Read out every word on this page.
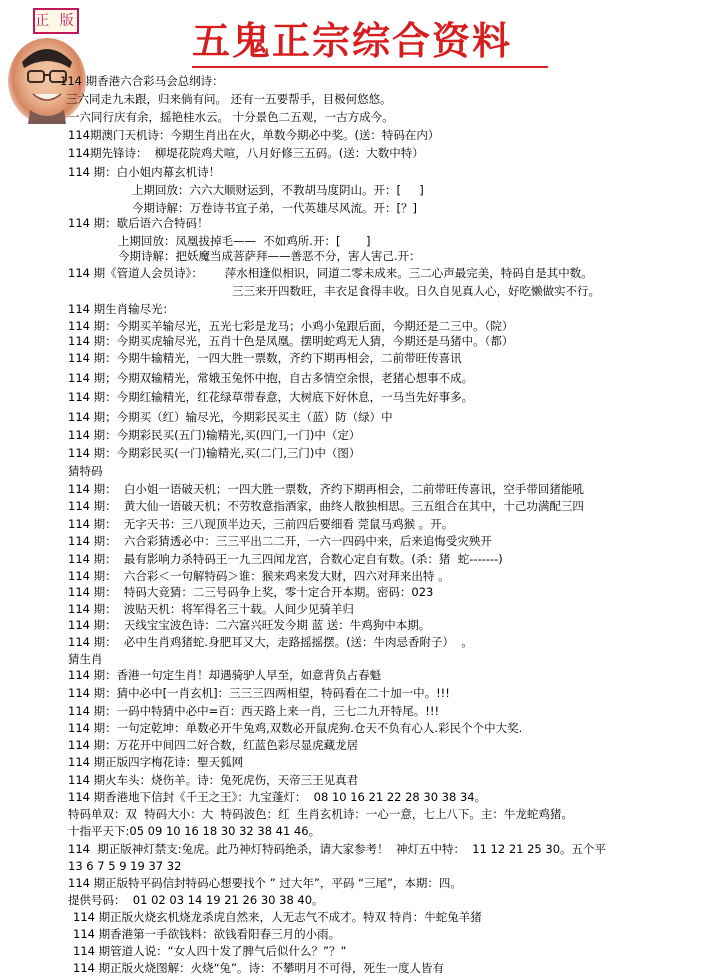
正 版	五鬼正宗综合资料
114 期香港六合彩马会总纲诗：
三六同走九未跟，归来倘有问。 还有一五要帮手，目极何悠悠。
一六同行庆有余，摇艳桂水云。 十分景色二五观，一古方成今。
114期澳门天机诗：今期生肖出在火，单数今期必中奖。(送：特码在内）
114期先锋诗：  柳堤花院鸡犬喧，八月好修三五码。(送：大数中特）
114 期：白小姐内幕玄机诗！
上期回放：六六大顺财运到，不教胡马度阴山。开：[     ]
今期诗解：万卷诗书宜子弟，一代英雄尽风流。开：[？]
114 期：歇后语六合特码！
上期回放：凤凰拔掉毛——  不如鸡所.开：[       ]
今期诗解：把妖魔当成菩萨拜——善恶不分，害人害己.开：
114 期《管道人会员诗》：      萍水相逢似相识，同道二零未成来。三二心声最完美，特码自是其中数。
三三来开四数旺，丰衣足食得丰收。日久自见真人心，好吃懒做实不行。
114 期生肖输尽光：
114 期：今期买羊输尽光，五光七彩是龙马；小鸡小兔跟后面，今期还是二三中。（院）
114 期：今期买虎输尽光，五肖十色是凤凰。摆明蛇鸡无人猜，今期还是马猪中。（都）
114 期：今期牛输精光，一四大胜一票数，齐约下期再相会，二前带旺传喜讯
114 期；今期双输精光，常娥玉兔怀中抱，自古多情空余恨，老猪心想事不成。
114 期：今期红输精光，红花绿草带春意，大树底下好休息，一马当先好事多。
114 期；今期买（红）输尽光，今期彩民买主（蓝）防（绿）中
114 期：今期彩民买(五门)输精光,买(四门,一门)中（定）
114 期：今期彩民买(一门)输精光,买(二门,三门)中（图）
猜特码
114 期：  白小姐一语破天机；一四大胜一票数，齐约下期再相会，二前带旺传喜讯，空手带回猪能吼
114 期：  黄大仙一语破天机；不劳牧意指酒家，曲终人散独相思。三五组合在其中，十己功满配三四
114 期：  无字天书：三八现顶半边天，三前四后要细看 莞鼠马鸡猴 。开。
114 期：  六合彩猜透必中：三三平出二二开，一六一四码中来，后来追悔受灾殃开
114 期：  最有影响力杀特码王一九三四闻龙宫，合数心定自有数。(杀：猪  蛇-------)
114 期：  六合彩＜一句解特码＞谁：猴来鸡来发大财，四六对拜来出特 。
114 期：  特码大竞猜：二三号码争上奖，零十定合开本期。密码：023
114 期：  波贴天机：将军得名三十载。人间少见骑羊归
114 期：  天线宝宝波色诗：二六富兴旺发今期 蓝 送：牛鸡狗中本期。
114 期：  必中生肖鸡猪蛇.身肥耳又大，走路摇摇摆。(送：牛肉忌香附子）  。
猜生肖
114 期：香港一句定生肖！却遇骑驴人早至，如意背负占春魁
114 期：猜中必中[一肖玄机]：三三三四两相望，特码看在二十加一中。!!!
114 期：一码中特猜中必中=百：西天路上来一肖，三七二九开特尾。!!!
114 期：一句定乾坤：单数必开牛兔鸡,双数必开鼠虎狗.仓天不负有心人.彩民个个中大奖.
114 期：万花开中间四二好合数，红蓝色彩尽显虎藏龙居
114 期正版四字梅花诗：聖天狐网
114 期火车头：烧伤羊。诗：兔死虎伤，天帝三王见真君
114 期香港地下信封《千王之王》：九宝蓬灯：  08 10 16 21 22 28 30 38 34。
特码单双：双  特码大小：大  特码波色：红  生肖玄机诗：一心一意，七上八下。主：牛龙蛇鸡猪。
十指平天下:05 09 10 16 18 30 32 38 41 46。
114  期正版神灯禁支:兔虎。此乃神灯特码绝杀，请大家参考！  神灯五中特：  11 12 21 25 30。五个平
13 6 7 5 9 19 37 32
114 期正版特平码信封特码心想要找个 ” 过大年”，平码 “三尾”，本期：四。
提供号码：  01 02 03 14 19 21 26 30 38 40。
114 期正版火烧玄机烧龙杀虎自然来，人无志气不成才。特双 特肖：牛蛇兔羊猪
114 期香港第一手欲钱料：欲钱看阳春三月的小雨。
114 期管道人说：“女人四十发了脾气后似什么？”？”
114 期正版火烧图解：火烧“兔”。诗：不攀明月不可得，死生一度人皆有
